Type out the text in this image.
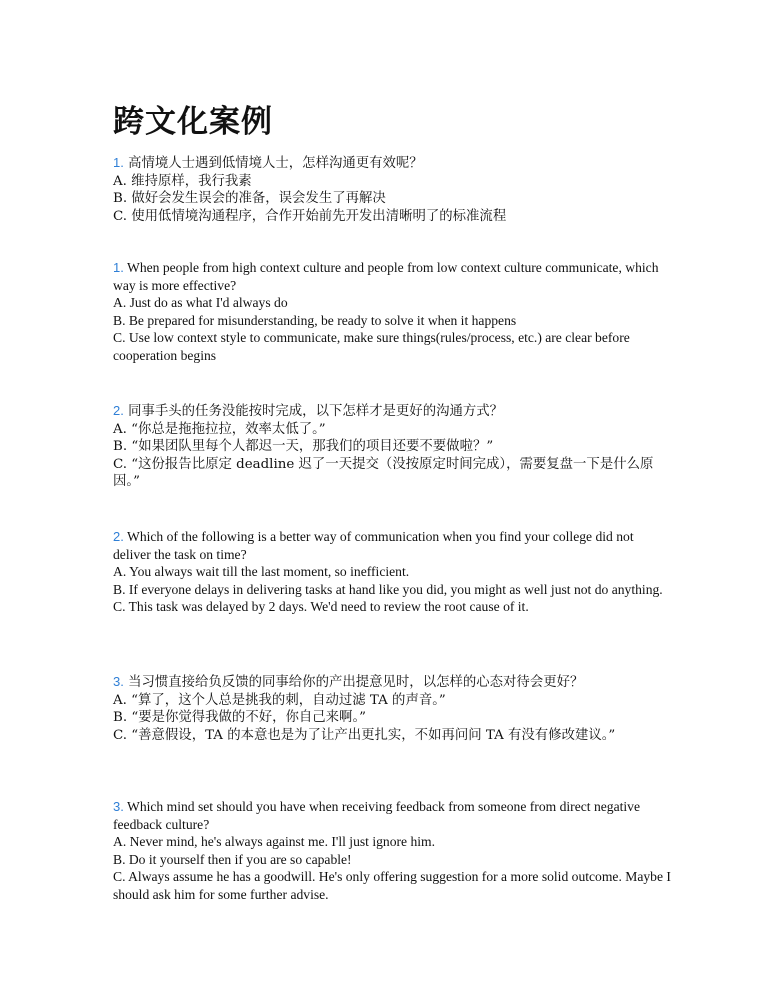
跨文化案例

1. 高情境人士遇到低情境人士，怎样沟通更有效呢？

A. 维持原样，我行我素

B. 做好会发生误会的准备，误会发生了再解决

C. 使用低情境沟通程序，合作开始前先开发出清晰明了的标准流程

1. When people from high context culture and people from low context culture communicate, which way is more effective?

A. Just do as what I'd always do

B. Be prepared for misunderstanding, be ready to solve it when it happens

C. Use low context style to communicate, make sure things(rules/process, etc.) are clear before cooperation begins

2. 同事手头的任务没能按时完成，以下怎样才是更好的沟通方式？

A. “你总是拖拖拉拉，效率太低了。”

B. “如果团队里每个人都迟一天，那我们的项目还要不要做啦？”

C. “这份报告比原定 deadline 迟了一天提交（没按原定时间完成），需要复盘一下是什么原因。”

2. Which of the following is a better way of communication when you find your college did not deliver the task on time?

A. You always wait till the last moment, so inefficient.

B. If everyone delays in delivering tasks at hand like you did, you might as well just not do anything.

C. This task was delayed by 2 days. We'd need to review the root cause of it.

3. 当习惯直接给负反馈的同事给你的产出提意见时，以怎样的心态对待会更好？

A. “算了，这个人总是挑我的刺，自动过滤 TA 的声音。”

B. “要是你觉得我做的不好，你自己来啊。”

C. “善意假设，TA 的本意也是为了让产出更扎实，不如再问问 TA 有没有修改建议。”

3. Which mind set should you have when receiving feedback from someone from direct negative feedback culture?

A. Never mind, he's always against me. I'll just ignore him.

B. Do it yourself then if you are so capable!

C. Always assume he has a goodwill. He's only offering suggestion for a more solid outcome. Maybe I should ask him for some further advise.
